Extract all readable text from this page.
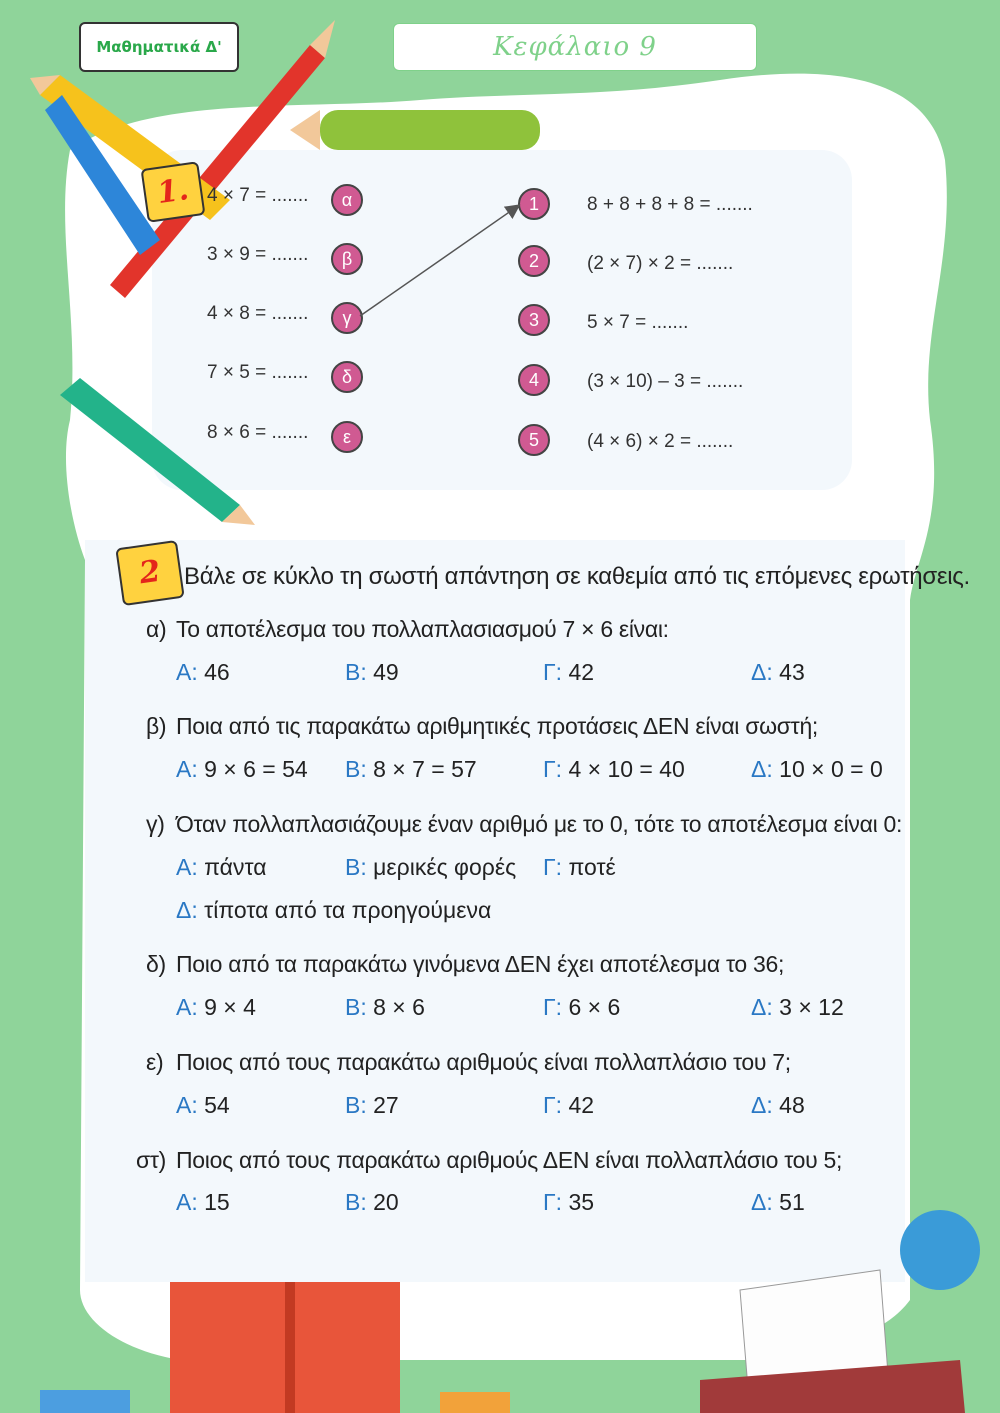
Μαθηματικά Δ'	Κεφάλαιο 9
1. 4 × 7 = .......
3 × 9 = .......
4 × 8 = .......
7 × 5 = .......
8 × 6 = .......
α
β
γ
δ
ε
1
2
3
4
5
8 + 8 + 8 + 8 = .......
(2 × 7) × 2 = .......
5 × 7 = .......
(3 × 10) – 3 = .......
(4 × 6) × 2 = .......
2 Βάλε σε κύκλο τη σωστή απάντηση σε καθεμία από τις επόμενες ερωτήσεις.
α) Το αποτέλεσμα του πολλαπλασιασμού 7 × 6 είναι:
Α: 46	Β: 49	Γ: 42	Δ: 43
β) Ποια από τις παρακάτω αριθμητικές προτάσεις ΔΕΝ είναι σωστή;
Α: 9 × 6 = 54 Β: 8 × 7 = 57	Γ: 4 × 10 = 40	Δ: 10 × 0 = 0
γ) Όταν πολλαπλασιάζουμε έναν αριθμό με το 0, τότε το αποτέλεσμα είναι 0:
Α: πάντα	Β: μερικές φορές Γ: ποτέ
Δ: τίποτα από τα προηγούμενα
δ) Ποιο από τα παρακάτω γινόμενα ΔΕΝ έχει αποτέλεσμα το 36;
Α: 9 × 4	Β: 8 × 6	Γ: 6 × 6	Δ: 3 × 12
ε) Ποιος από τους παρακάτω αριθμούς είναι πολλαπλάσιο του 7;
Α: 54	Β: 27	Γ: 42	Δ: 48
στ) Ποιος από τους παρακάτω αριθμούς ΔΕΝ είναι πολλαπλάσιο του 5;
Α: 15	Β: 20	Γ: 35	Δ: 51
